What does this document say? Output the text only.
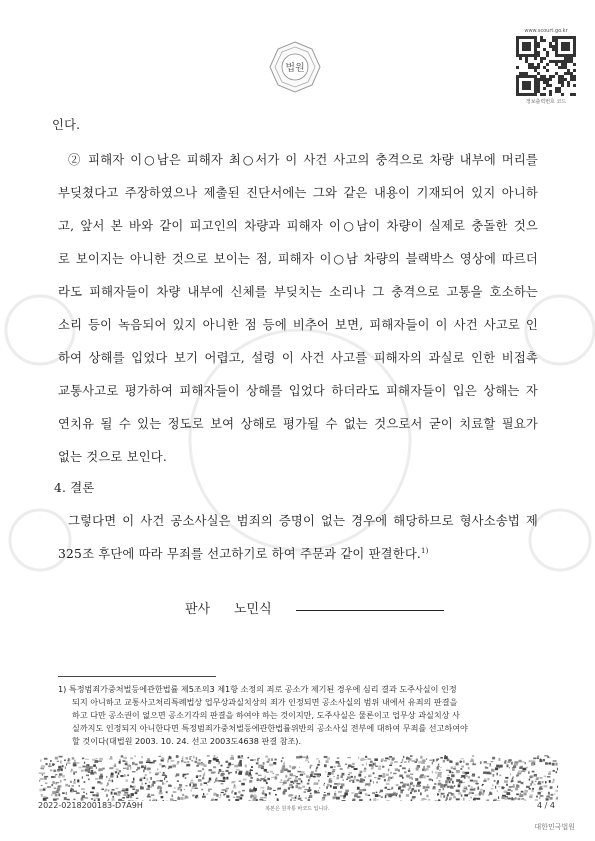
법원
www.scourt.go.kr
정보출력번호 코드
인다.
② 피해자 이○남은 피해자 최○서가 이 사건 사고의 충격으로 차량 내부에 머리를
부딪쳤다고 주장하였으나 제출된 진단서에는 그와 같은 내용이 기재되어 있지 아니하
고, 앞서 본 바와 같이 피고인의 차량과 피해자 이○남이 차량이 실제로 충돌한 것으
로 보이지는 아니한 것으로 보이는 점, 피해자 이○남 차량의 블랙박스 영상에 따르더
라도 피해자들이 차량 내부에 신체를 부딪치는 소리나 그 충격으로 고통을 호소하는
소리 등이 녹음되어 있지 아니한 점 등에 비추어 보면, 피해자들이 이 사건 사고로 인
하여 상해를 입었다 보기 어렵고, 설령 이 사건 사고를 피해자의 과실로 인한 비접촉
교통사고로 평가하여 피해자들이 상해를 입었다 하더라도 피해자들이 입은 상해는 자
연치유 될 수 있는 정도로 보여 상해로 평가될 수 없는 것으로서 굳이 치료할 필요가
없는 것으로 보인다.
4. 결론
그렇다면 이 사건 공소사실은 범죄의 증명이 없는 경우에 해당하므로 형사소송법 제
325조 후단에 따라 무죄를 선고하기로 하여 주문과 같이 판결한다.$^{1)}$
판사 노민식
1) 특정범죄가중처벌등에관한법률 제5조의3 제1항 소정의 죄로 공소가 제기된 경우에 심리 결과 도주사실이 인정
되지 아니하고 교통사고처리특례법상 업무상과실치상의 죄가 인정되면 공소사실의 범위 내에서 유죄의 판결을
하고 다만 공소권이 없으면 공소기각의 판결을 하여야 하는 것이지만, 도주사실은 물론이고 업무상 과실치상 사
실까지도 인정되지 아니한다면 특정범죄가중처벌등에관한법률위반의 공소사실 전부에 대하여 무죄를 선고하여야
할 것이다(대법원 2003. 10. 24. 선고 2003도4638 판결 참조).
2022-0218200183-D7A9H	복본은 원자통 바코드 입니다.	4 / 4
대한민국법원
